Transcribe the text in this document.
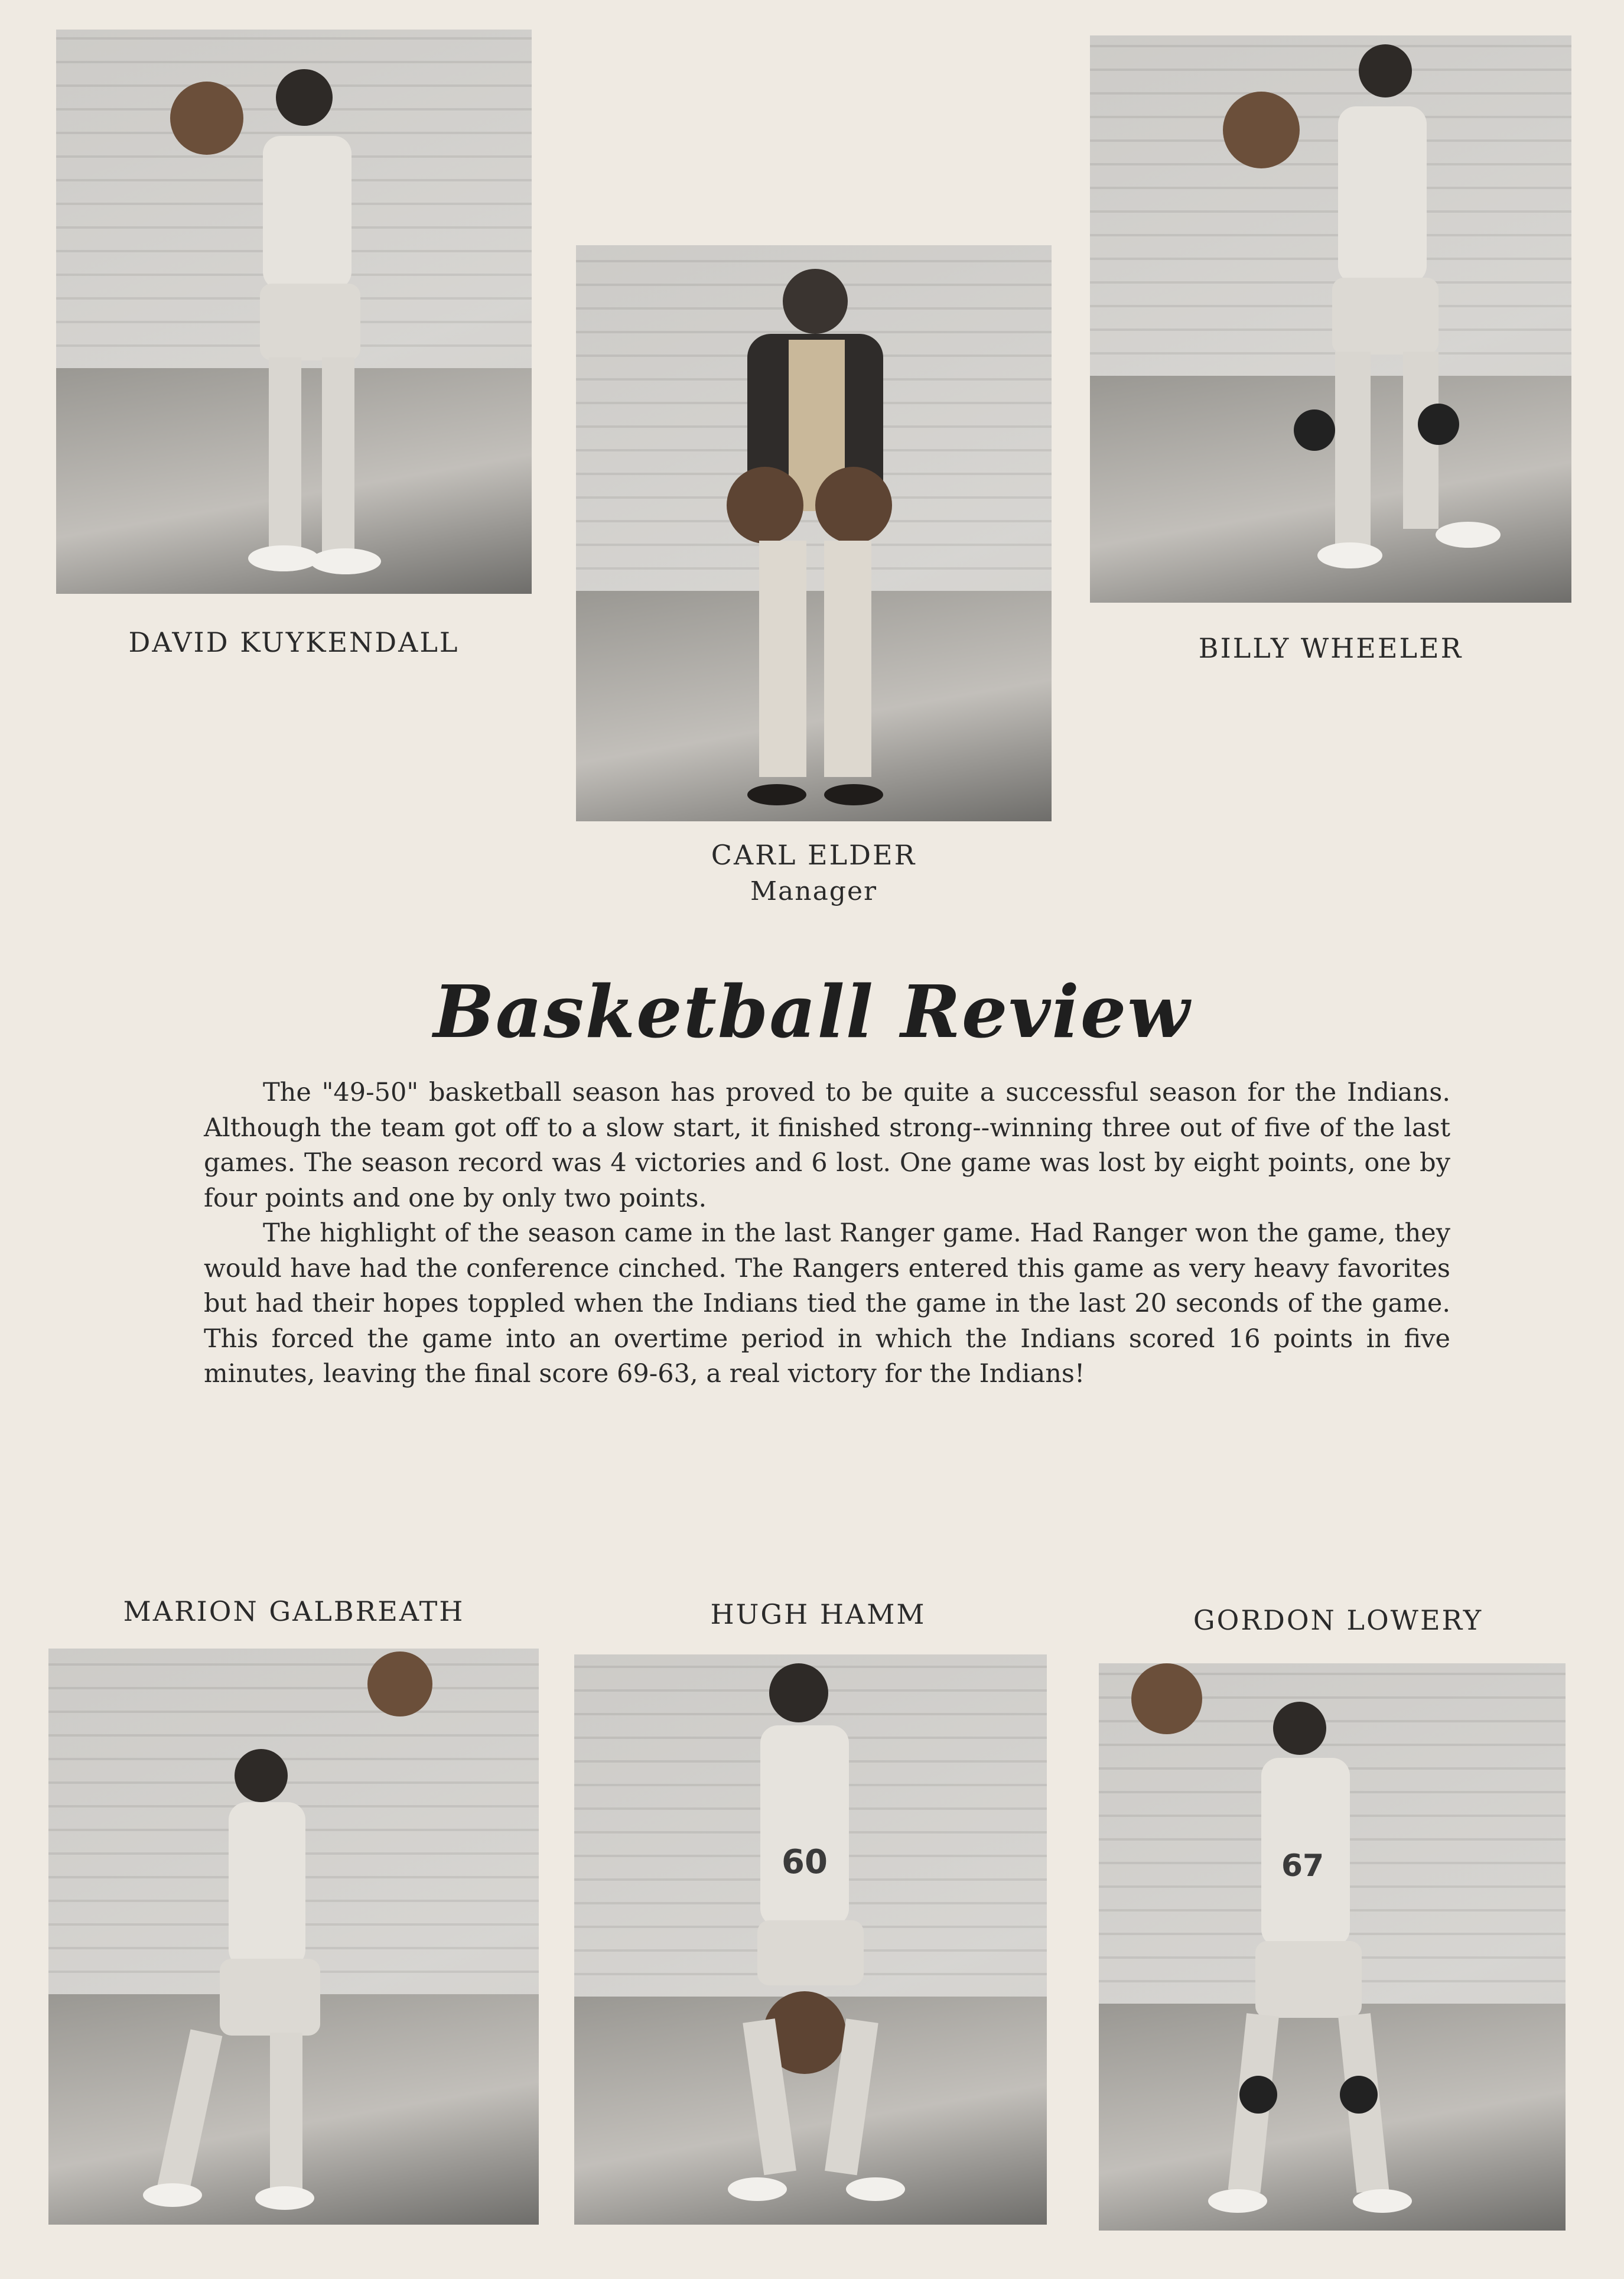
DAVID KUYKENDALL	BILLY WHEELER
CARL ELDER
Manager
Basketball Review

The "49-50" basketball season has proved to be quite a successful season for the Indians. Although the team got off to a slow start, it finished strong--winning three out of five of the last games. The season record was 4 victories and 6 lost. One game was lost by eight points, one by four points and one by only two points.

The highlight of the season came in the last Ranger game. Had Ranger won the game, they would have had the conference cinched. The Rangers entered this game as very heavy favorites but had their hopes toppled when the Indians tied the game in the last 20 seconds of the game. This forced the game into an overtime period in which the Indians scored 16 points in five minutes, leaving the final score 69-63, a real victory for the Indians!

MARION GALBREATH	HUGH HAMM	GORDON LOWERY
60	67
